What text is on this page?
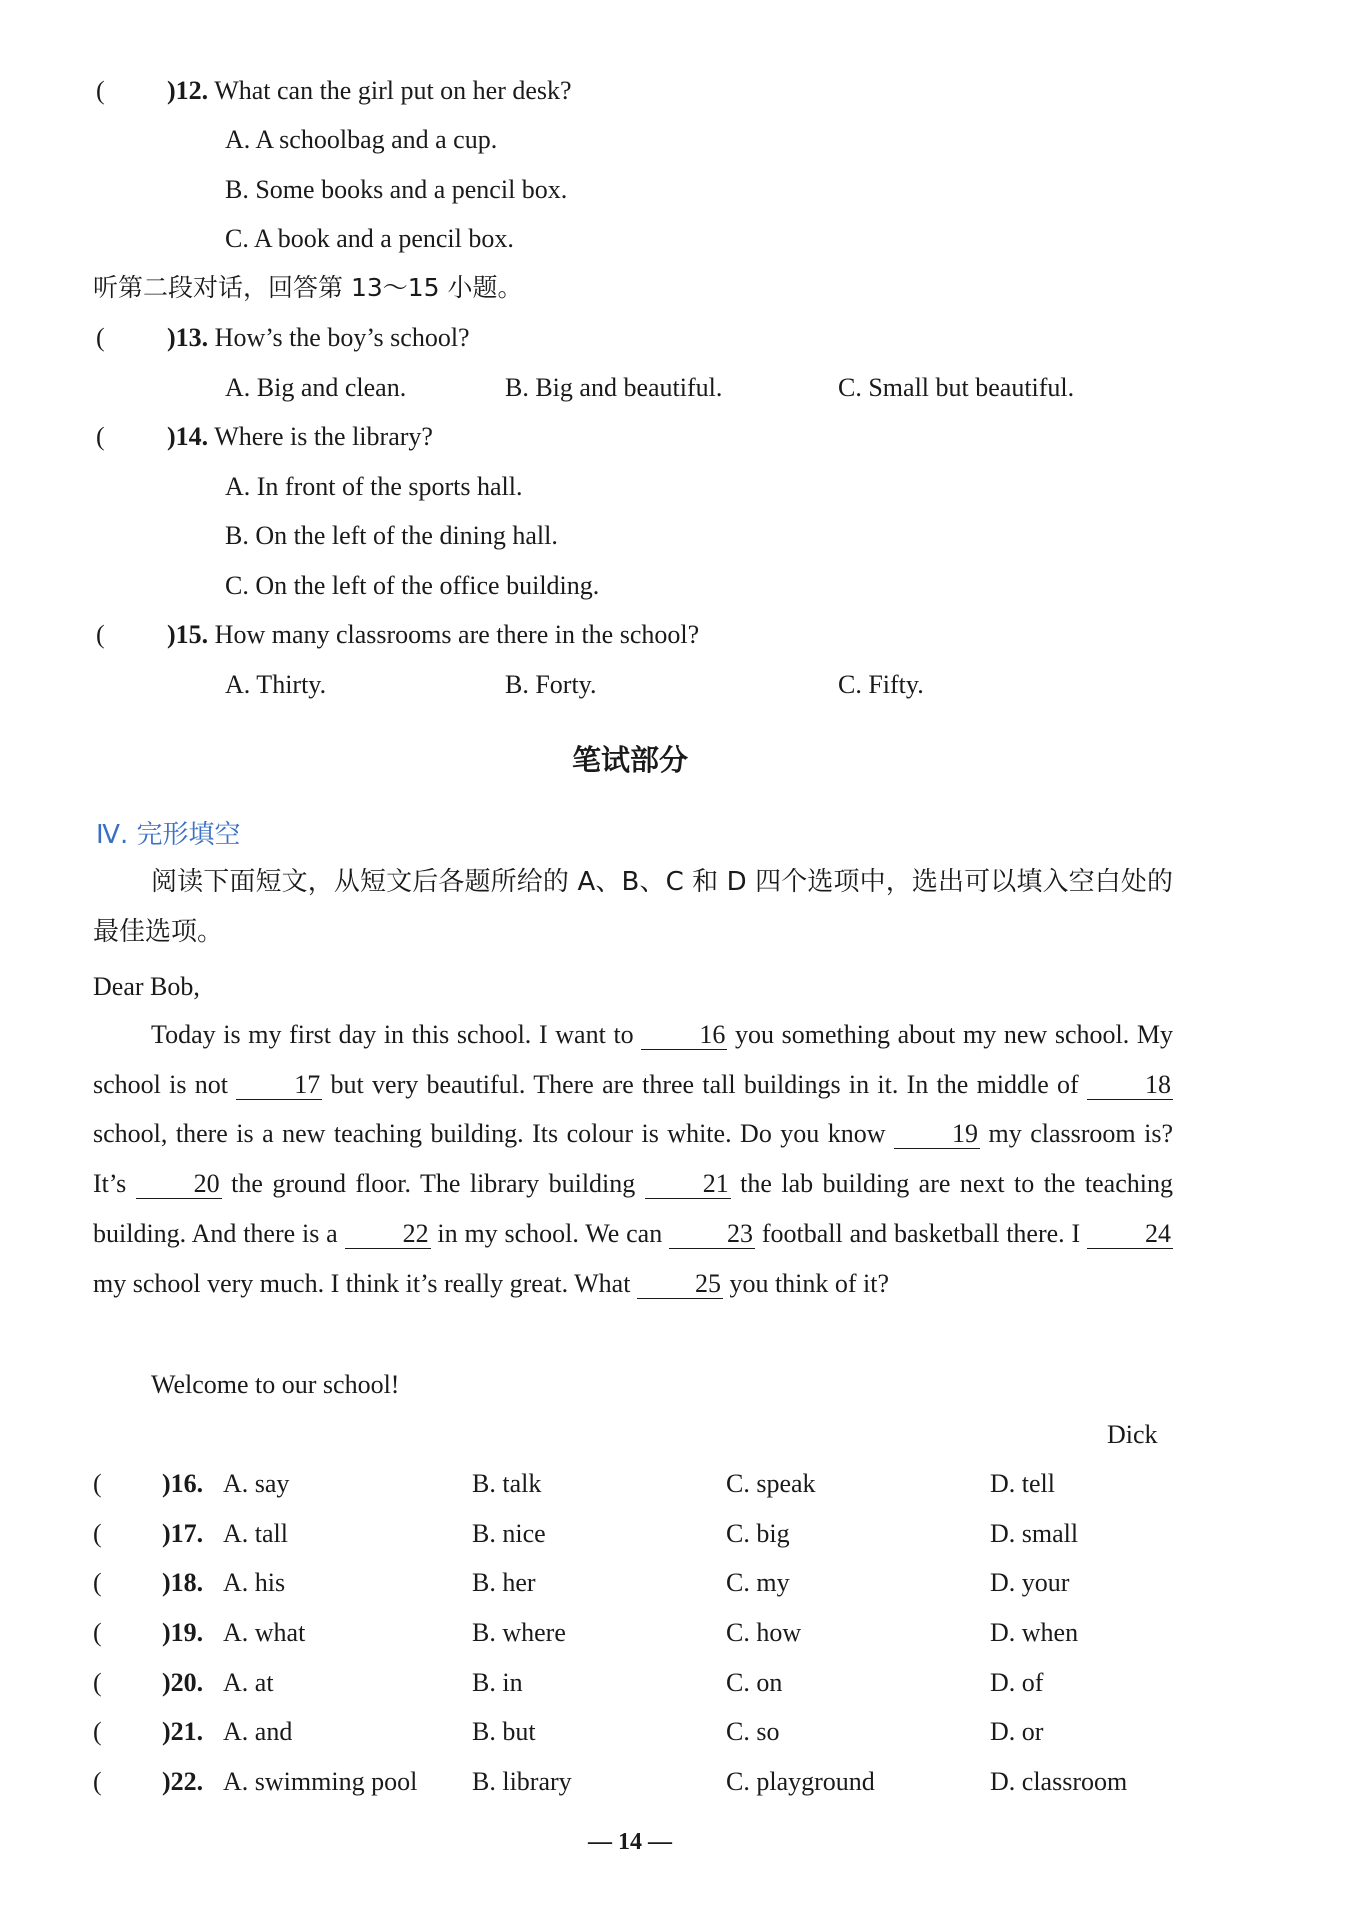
( )12. What can the girl put on her desk?
A. A schoolbag and a cup.
B. Some books and a pencil box.
C. A book and a pencil box.
听第二段对话，回答第 13～15 小题。
( )13. How’s the boy’s school?
A. Big and clean.	B. Big and beautiful.	C. Small but beautiful.
( )14. Where is the library?
A. In front of the sports hall.
B. On the left of the dining hall.
C. On the left of the office building.
( )15. How many classrooms are there in the school?
A. Thirty.	B. Forty.	C. Fifty.
笔试部分
Ⅳ. 完形填空
阅读下面短文，从短文后各题所给的 A、B、C 和 D 四个选项中，选出可以填入空白处的最佳选项。
Dear Bob,
Today is my first day in this school. I want to 16 you something about my new school. My school is not 17 but very beautiful. There are three tall buildings in it. In the middle of 18 school, there is a new teaching building. Its colour is white. Do you know 19 my classroom is? It’s 20 the ground floor. The library building 21 the lab building are next to the teaching building. And there is a 22 in my school. We can 23 football and basketball there. I 24 my school very much. I think it’s really great. What 25 you think of it?
Welcome to our school!
Dick
( )16. A. say	B. talk	C. speak	D. tell
( )17. A. tall	B. nice	C. big	D. small
( )18. A. his	B. her	C. my	D. your
( )19. A. what	B. where	C. how	D. when
( )20. A. at	B. in	C. on	D. of
( )21. A. and	B. but	C. so	D. or
( )22. A. swimming pool B. library	C. playground	D. classroom
— 14 —
